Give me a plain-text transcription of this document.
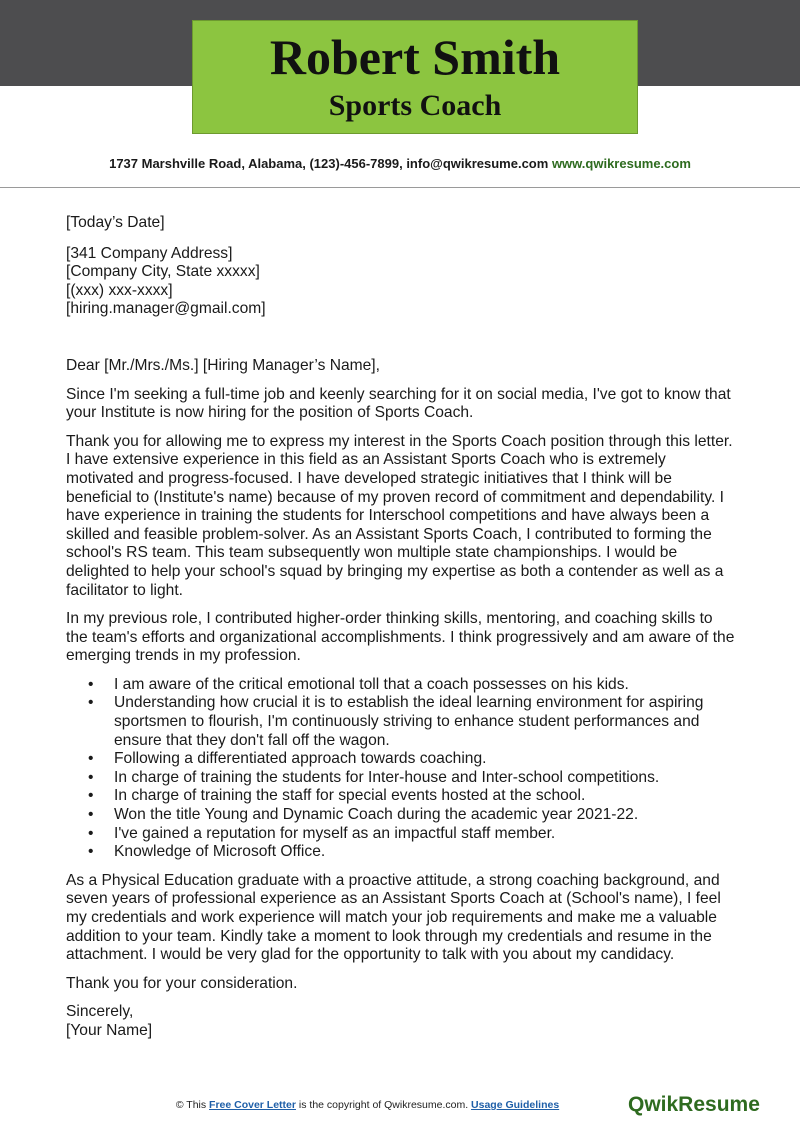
Robert Smith
Sports Coach
1737 Marshville Road, Alabama, (123)-456-7899, info@qwikresume.com www.qwikresume.com

[Today’s Date]

[341 Company Address]

[Company City, State xxxxx]

[(xxx) xxx-xxxx]

[hiring.manager@gmail.com]

Dear [Mr./Mrs./Ms.] [Hiring Manager’s Name],

Since I'm seeking a full-time job and keenly searching for it on social media, I've got to know that your Institute is now hiring for the position of Sports Coach.

Thank you for allowing me to express my interest in the Sports Coach position through this letter. I have extensive experience in this field as an Assistant Sports Coach who is extremely motivated and progress-focused. I have developed strategic initiatives that I think will be beneficial to (Institute's name) because of my proven record of commitment and dependability. I have experience in training the students for Interschool competitions and have always been a skilled and feasible problem-solver. As an Assistant Sports Coach, I contributed to forming the school's RS team. This team subsequently won multiple state championships. I would be delighted to help your school's squad by bringing my expertise as both a contender as well as a facilitator to light.

In my previous role, I contributed higher-order thinking skills, mentoring, and coaching skills to the team's efforts and organizational accomplishments. I think progressively and am aware of the emerging trends in my profession.

• I am aware of the critical emotional toll that a coach possesses on his kids.
• Understanding how crucial it is to establish the ideal learning environment for aspiring sportsmen to flourish, I'm continuously striving to enhance student performances and ensure that they don't fall off the wagon.
• Following a differentiated approach towards coaching.
• In charge of training the students for Inter-house and Inter-school competitions.
• In charge of training the staff for special events hosted at the school.
• Won the title Young and Dynamic Coach during the academic year 2021-22.
• I've gained a reputation for myself as an impactful staff member.
• Knowledge of Microsoft Office.

As a Physical Education graduate with a proactive attitude, a strong coaching background, and seven years of professional experience as an Assistant Sports Coach at (School's name), I feel my credentials and work experience will match your job requirements and make me a valuable addition to your team. Kindly take a moment to look through my credentials and resume in the attachment. I would be very glad for the opportunity to talk with you about my candidacy.

Thank you for your consideration.

Sincerely,

[Your Name]

© This Free Cover Letter is the copyright of Qwikresume.com. Usage Guidelines	QwikResume
